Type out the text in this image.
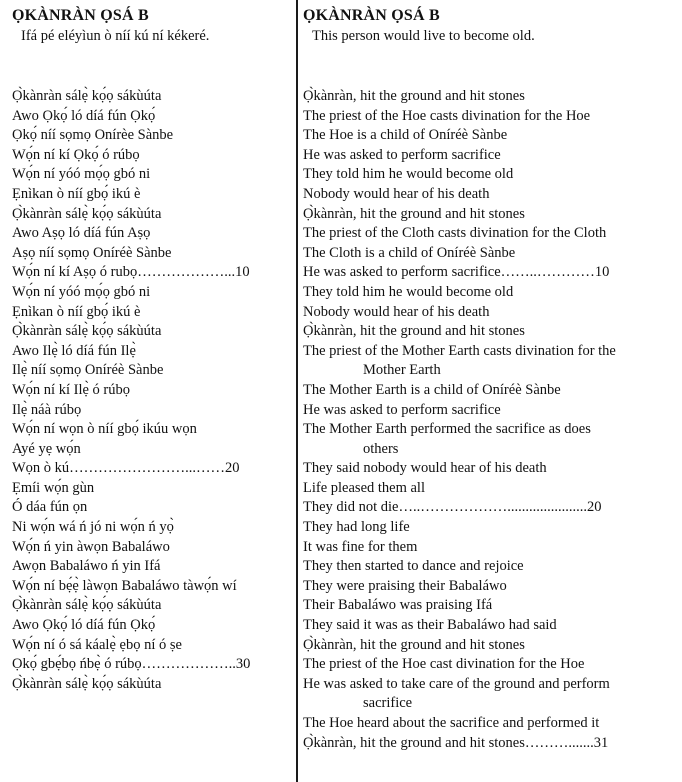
ỌKÀNRÀN ỌSÁ B
Ifá pé eléyìun ò níí kú ní kékeré.
Ọ̀kànràn sálẹ̀ kọ́ọ sákùúta
Awo Ọkọ́ ló díá fún Ọkọ́
Ọkọ́ níí sọmọ Onírèe Sànbe
Wọ́n ní kí Ọkọ́ ó rúbọ
Wọ́n ní yóó mọ́ọ gbó ni
Ẹnìkan ò níí gbọ́ ikú è
Ọ̀kànràn sálẹ̀ kọ́ọ sákùúta
Awo Aṣọ ló díá fún Aṣọ
Aṣọ níí sọmọ Oníréè Sànbe
Wọ́n ní kí Aṣọ ó rubọ………………...10
Wọ́n ní yóó mọ́ọ gbó ni
Ẹnìkan ò níí gbọ́ ikú è
Ọ̀kànràn sálẹ̀ kọ́ọ sákùúta
Awo Ilẹ̀ ló díá fún Ilẹ̀
Ilẹ̀ níí sọmọ Oníréè Sànbe
Wọ́n ní kí Ilẹ̀ ó rúbọ
Ilẹ̀ náà rúbọ
Wọ́n ní wọn ò níí gbọ́ ikúu wọn
Ayé yẹ wọ́n
Wọn ò kú……………………...……20
Ẹmíi wọ́n gùn
Ó dáa fún ọn
Ni wọ́n wá ń jó ni wọ́n ń yọ̀
Wọ́n ń yin àwọn Babaláwo
Awọn Babaláwo ń yin Ifá
Wọ́n ní bẹ́ẹ̀ làwọn Babaláwo tàwọ́n wí
Ọ̀kànràn sálẹ̀ kọ́ọ sákùúta
Awo Ọkọ́ ló díá fún Ọkọ́
Wọ́n ní ó sá káalẹ̀ ẹbọ ní ó ṣe
Ọkọ́ gbẹ́bọ ńbẹ̀ ó rúbọ………………..30
Ọ̀kànràn sálẹ̀ kọ́ọ sákùúta
ỌKÀNRÀN ỌSÁ B
This person would live to become old.
Ọ̀kànràn, hit the ground and hit stones
The priest of the Hoe casts divination for the Hoe
The Hoe is a child of Oníréè Sànbe
He was asked to perform sacrifice
They told him he would become old
Nobody would hear of his death
Ọ̀kànràn, hit the ground and hit stones
The priest of the Cloth casts divination for the Cloth
The Cloth is a child of Oníréè Sànbe
He was asked to perform sacrifice……..…………10
They told him he would become old
Nobody would hear of his death
Ọ̀kànràn, hit the ground and hit stones
The priest of the Mother Earth casts divination for the
Mother Earth
The Mother Earth is a child of Oníréè Sànbe
He was asked to perform sacrifice
The Mother Earth performed the sacrifice as does
others
They said nobody would hear of his death
Life pleased them all
They did not die…..………………......................20
They had long life
It was fine for them
They then started to dance and rejoice
They were praising their Babaláwo
Their Babaláwo was praising Ifá
They said it was as their Babaláwo had said
Ọ̀kànràn, hit the ground and hit stones
The priest of the Hoe cast divination for the Hoe
He was asked to take care of the ground and perform
sacrifice
The Hoe heard about the sacrifice and performed it
Ọ̀kànràn, hit the ground and hit stones……….......31
